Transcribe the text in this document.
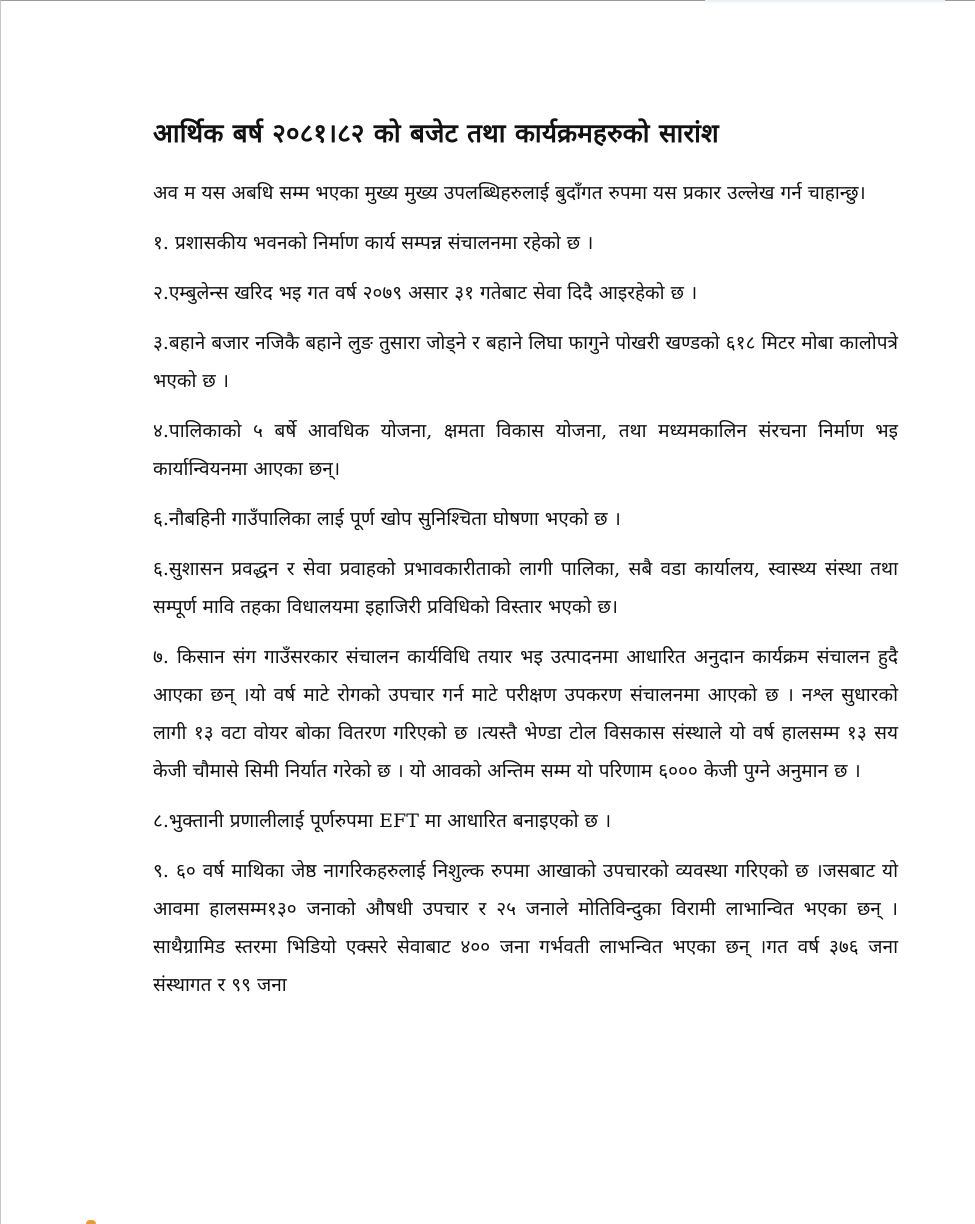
आर्थिक बर्ष २०८१।८२ को बजेट तथा कार्यक्रमहरुको सारांश

अव म यस अबधि सम्म भएका मुख्य मुख्य उपलब्धिहरुलाई बुदाँगत रुपमा यस प्रकार उल्लेख गर्न चाहान्छु।

१. प्रशासकीय भवनको निर्माण कार्य सम्पन्न संचालनमा रहेको छ ।

२.एम्बुलेन्स खरिद भइ गत वर्ष २०७९ असार ३१ गतेबाट सेवा दिदै आइरहेको छ ।

३.बहाने बजार नजिकै बहाने लुङ तुसारा जोड्ने र बहाने लिघा फागुने पोखरी खण्डको ६१८ मिटर मोबा कालोपत्रे भएको छ ।

४.पालिकाको ५ बर्षे आवधिक योजना, क्षमता विकास योजना, तथा मध्यमकालिन संरचना निर्माण भइ कार्यान्वियनमा आएका छन्।

६.नौबहिनी गाउँपालिका लाई पूर्ण खोप सुनिश्चिता घोषणा भएको छ ।

६.सुशासन प्रवद्धन र सेवा प्रवाहको प्रभावकारीताको लागी पालिका, सबै वडा कार्यालय, स्वास्थ्य संस्था तथा सम्पूर्ण मावि तहका विधालयमा इहाजिरी प्रविधिको विस्तार भएको छ।

७. किसान संग गाउँसरकार संचालन कार्यविधि तयार भइ उत्पादनमा आधारित अनुदान कार्यक्रम संचालन हुदै आएका छन् ।यो वर्ष माटे रोगको उपचार गर्न माटे परीक्षण उपकरण संचालनमा आएको छ । नश्ल सुधारको लागी १३ वटा वोयर बोका वितरण गरिएको छ ।त्यस्तै भेण्डा टोल विसकास संस्थाले यो वर्ष हालसम्म १३ सय केजी चौमासे सिमी निर्यात गरेको छ । यो आवको अन्तिम सम्म यो परिणाम ६००० केजी पुग्ने अनुमान छ ।

८.भुक्तानी प्रणालीलाई पूर्णरुपमा EFT मा आधारित बनाइएको छ ।

९. ६० वर्ष माथिका जेष्ठ नागरिकहरुलाई निशुल्क रुपमा आखाको उपचारको व्यवस्था गरिएको छ ।जसबाट यो आवमा हालसम्म१३० जनाको औषधी उपचार र २५ जनाले मोतिविन्दुका विरामी लाभान्वित भएका छन् ।साथैग्रामिड स्तरमा भिडियो एक्सरे सेवाबाट ४०० जना गर्भवती लाभन्वित भएका छन् ।गत वर्ष ३७६ जना संस्थागत र ९९ जना
